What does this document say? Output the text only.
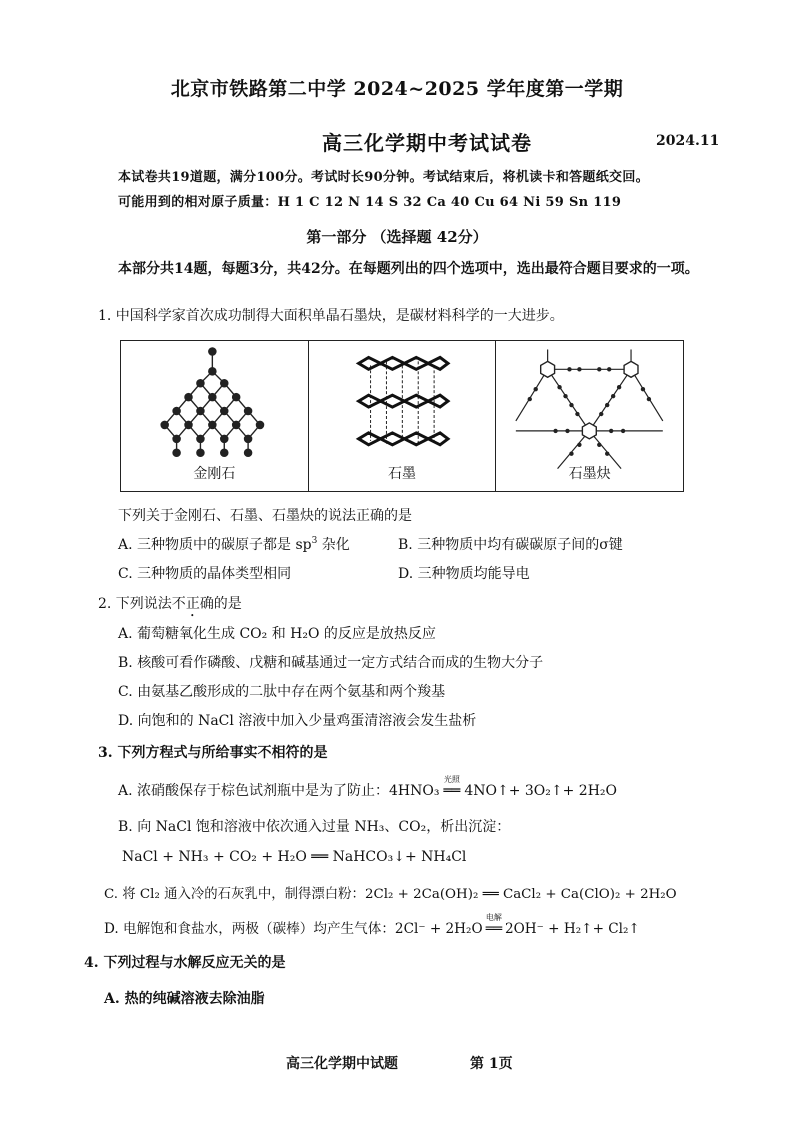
北京市铁路第二中学 2024~2025 学年度第一学期
高三化学期中考试试卷	2024.11
本试卷共19道题，满分100分。考试时长90分钟。考试结束后，将机读卡和答题纸交回。
可能用到的相对原子质量：H 1 C 12 N 14 S 32 Ca 40 Cu 64 Ni 59 Sn 119
第一部分 （选择题 42分）
本部分共14题，每题3分，共42分。在每题列出的四个选项中，选出最符合题目要求的一项。
1. 中国科学家首次成功制得大面积单晶石墨炔，是碳材料科学的一大进步。
金刚石	石墨	石墨炔
下列关于金刚石、石墨、石墨炔的说法正确的是
A. 三种物质中的碳原子都是 $sp^3$ 杂化	B. 三种物质中均有碳碳原子间的σ键
C. 三种物质的晶体类型相同	D. 三种物质均能导电
2. 下列说法不正确的是
A. 葡萄糖氧化生成 CO₂ 和 H₂O 的反应是放热反应
B. 核酸可看作磷酸、戊糖和碱基通过一定方式结合而成的生物大分子
C. 由氨基乙酸形成的二肽中存在两个氨基和两个羧基
D. 向饱和的 NaCl 溶液中加入少量鸡蛋清溶液会发生盐析
3. 下列方程式与所给事实不相符的是
A. 浓硝酸保存于棕色试剂瓶中是为了防止：4HNO₃
光照
══ 4NO↑+ 3O₂↑+ 2H₂O
B. 向 NaCl 饱和溶液中依次通入过量 NH₃、CO₂，析出沉淀：
NaCl + NH₃ + CO₂ + H₂O ══ NaHCO₃↓+ NH₄Cl
C. 将 Cl₂ 通入冷的石灰乳中，制得漂白粉：2Cl₂ + 2Ca(OH)₂ ══ CaCl₂ + Ca(ClO)₂ + 2H₂O
D. 电解饱和食盐水，两极（碳棒）均产生气体：2Cl⁻ + 2H₂O
电解
══ 2OH⁻ + H₂↑+ Cl₂↑
4. 下列过程与水解反应无关的是
A. 热的纯碱溶液去除油脂
高三化学期中试题	第 1页
